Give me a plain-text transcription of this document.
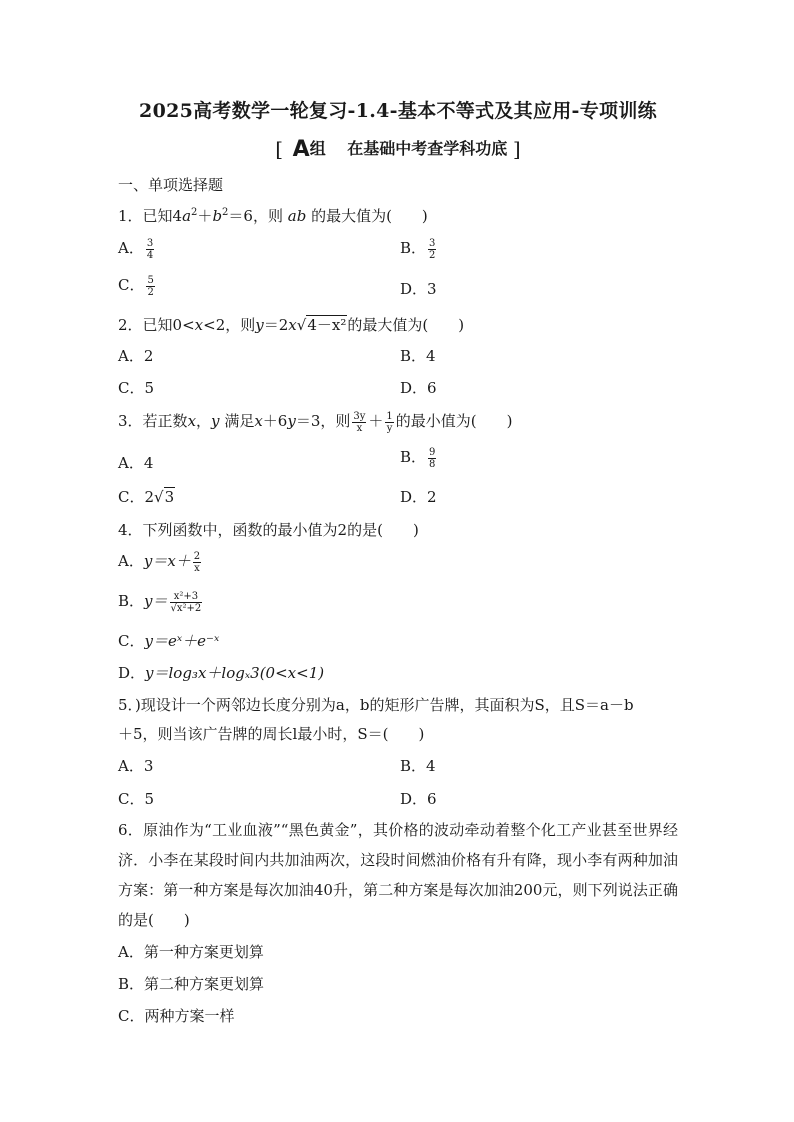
2025高考数学一轮复习-1.4-基本不等式及其应用-专项训练
[ A组 在基础中考查学科功底 ]
一、单项选择题
1．已知$4a^2+b^2=6$，则 ab 的最大值为(　　)
A． $\frac{3}{4}$	B． $\frac{3}{2}$
C． $\frac{5}{2}$	D．3
2．已知0<x<2，则y＝2x√4－x²的最大值为(　　)
A．2	B．4
C．5	D．6
3．若正数x，y 满足x＋6y＝3，则 $\frac{3y}{x} + \frac{1}{y}$ 的最小值为(　　)
A．4	B． $\frac{9}{8}$
C．2√3	D．2
4．下列函数中，函数的最小值为2的是(　　)
A．$y=x+ \frac{2}{x}$
B．$y= \frac{\text{x²+3}}{\text{√x²+2}}$
C．y＝eˣ＋e⁻ˣ
D．y＝log₃x＋logₓ3(0<x<1)
5．)现设计一个两邻边长度分别为a，b的矩形广告牌，其面积为S，且S＝a－b
＋5，则当该广告牌的周长l最小时，S＝(　　)
A．3	B．4
C．5	D．6
6．原油作为“工业血液”“黑色黄金”，其价格的波动牵动着整个化工产业甚至世界经济．小李在某段时间内共加油两次，这段时间燃油价格有升有降，现小李有两种加油方案：第一种方案是每次加油40升，第二种方案是每次加油200元，则下列说法正确的是(　　)
A．第一种方案更划算
B．第二种方案更划算
C．两种方案一样
